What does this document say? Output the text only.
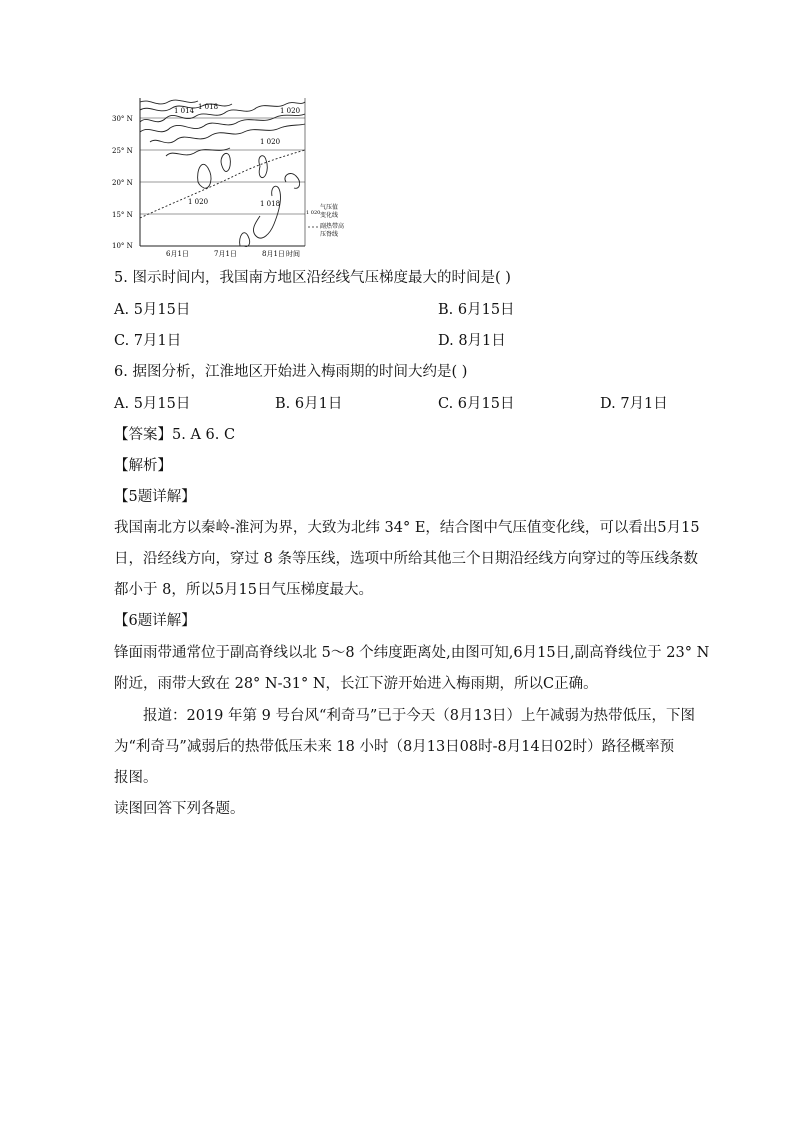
30° N
25° N
20° N
15° N
10° N
6月1日	7月1日	8月1日 时间
1 018
1 014	1 020
1 020
1 020	1 018
1 020
气压值
变化线
副热带高
压脊线
5. 图示时间内，我国南方地区沿经线气压梯度最大的时间是( )
A. 5月15日	B. 6月15日
C. 7月1日	D. 8月1日
6. 据图分析，江淮地区开始进入梅雨期的时间大约是( )
A. 5月15日	B. 6月1日	C. 6月15日	D. 7月1日
【答案】5. A 6. C
【解析】
【5题详解】
我国南北方以秦岭-淮河为界，大致为北纬 34° E，结合图中气压值变化线，可以看出5月15
日，沿经线方向，穿过 8 条等压线，选项中所给其他三个日期沿经线方向穿过的等压线条数
都小于 8，所以5月15日气压梯度最大。
【6题详解】
锋面雨带通常位于副高脊线以北 5～8 个纬度距离处,由图可知,6月15日,副高脊线位于 23° N
附近，雨带大致在 28° N-31° N，长江下游开始进入梅雨期，所以C正确。
报道：2019 年第 9 号台风“利奇马”已于今天（8月13日）上午减弱为热带低压，下图
为“利奇马”减弱后的热带低压未来 18 小时（8月13日08时-8月14日02时）路径概率预
报图。
读图回答下列各题。
